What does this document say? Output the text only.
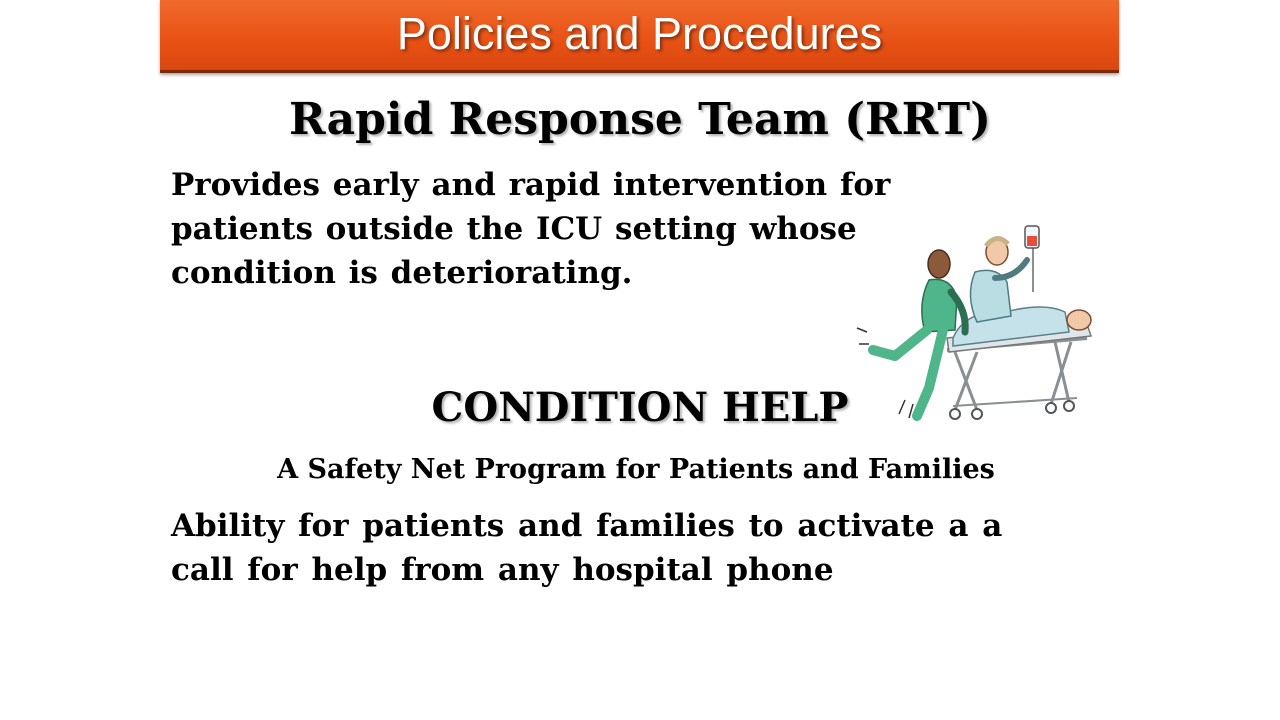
Policies and Procedures
Rapid Response Team (RRT)
Provides early and rapid intervention for
patients outside the ICU setting whose
condition is deteriorating.
CONDITION HELP
A Safety Net Program for Patients and Families
Ability for patients and families to activate a a
call for help from any hospital phone
